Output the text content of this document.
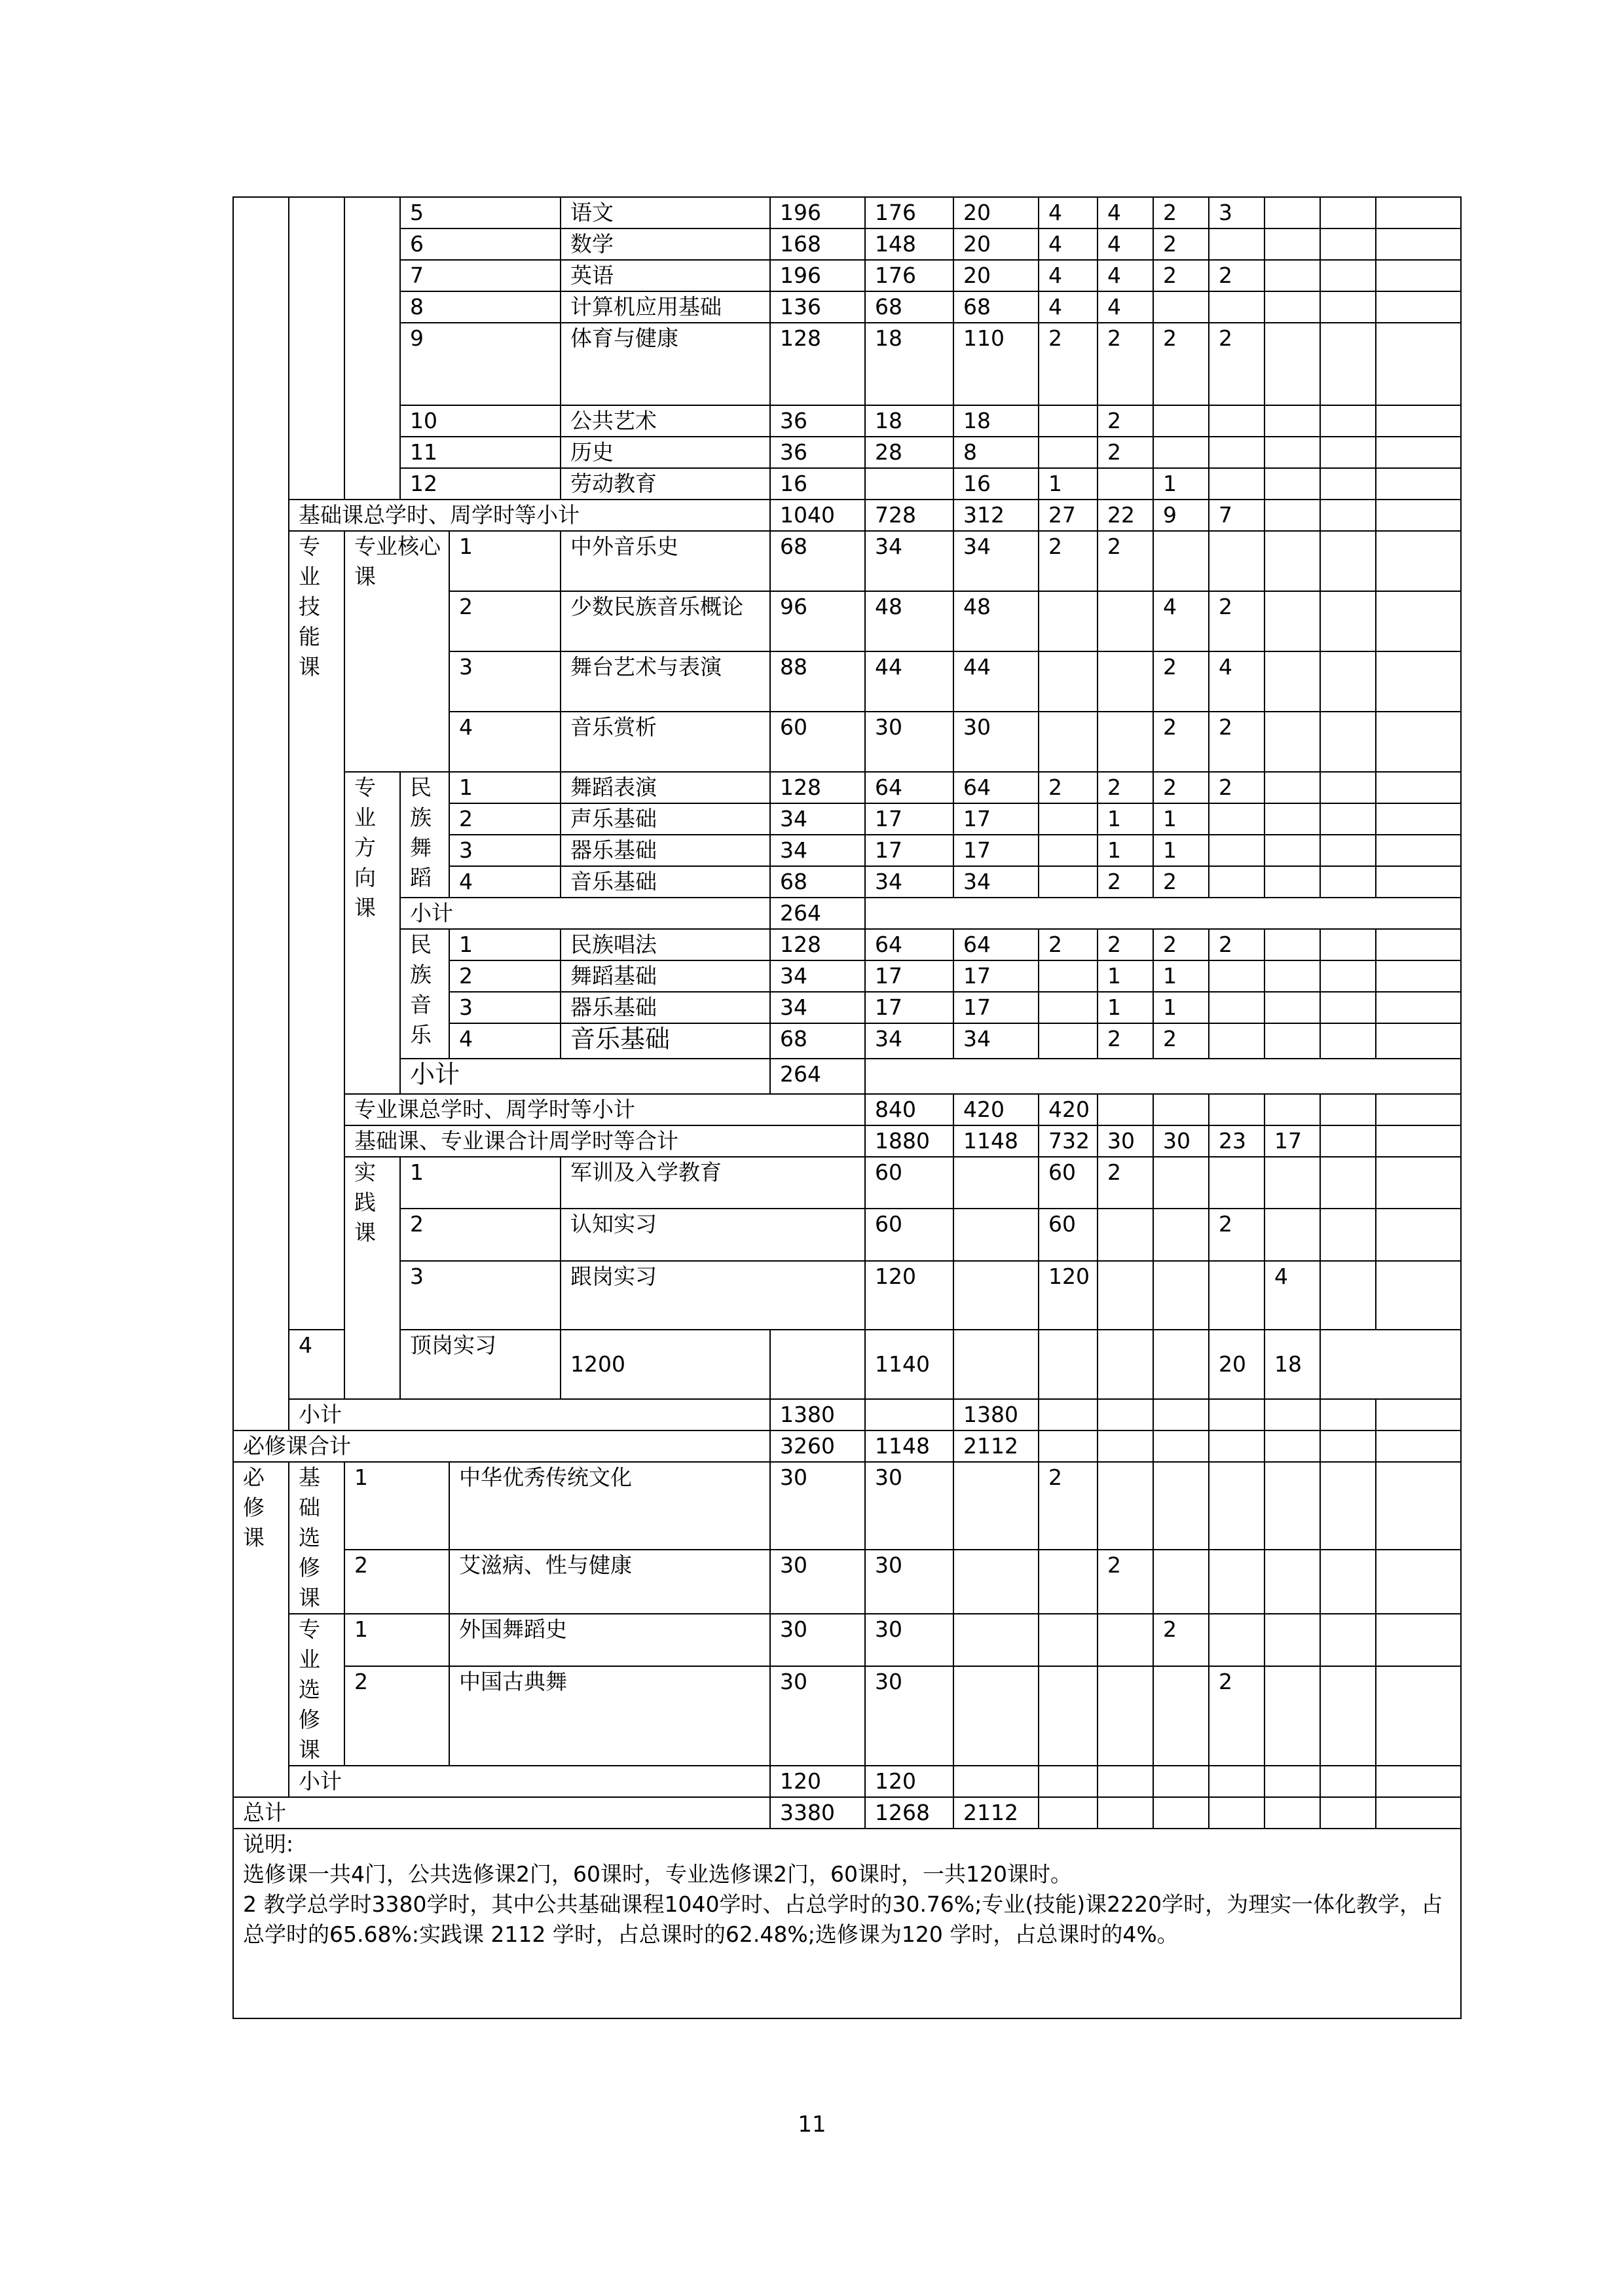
			5		语文	196	176	20	4	4	2	3				
			6		数学	168	148	20	4	4	2					
			7		英语	196	176	20	4	4	2	2				
			8		计算机应用基础	136	68	68	4	4						
			9		体育与健康	128	18	110	2	2	2	2				
			10		公共艺术	36	18	18		2						
			11		历史	36	28	8		2						
			12		劳动教育	16		16	1		1					
	基础课总学时、周学时等小计					1040	728	312	27	22	9	7				
	专业技能课	专业核心课		1	中外音乐史	68	34	34	2	2						
				2	少数民族音乐概论	96	48	48			4	2				
				3	舞台艺术与表演	88	44	44			2	4				
				4	音乐赏析	60	30	30			2	2				
		专业方向课	民族舞蹈	1	舞蹈表演	128	64	64	2	2	2	2				
				2	声乐基础	34	17	17		1	1					
				3	器乐基础	34	17	17		1	1					
				4	音乐基础	68	34	34		2	2					
			小计			264										
			民族音乐	1	民族唱法	128	64	64	2	2	2	2				
				2	舞蹈基础	34	17	17		1	1					
				3	器乐基础	34	17	17		1	1					
				4	音乐基础	68	34	34		2	2					
			小计			264										
		专业课总学时、周学时等小计					840	420	420							
		基础课、专业课合计周学时等合计					1880	1148	732	30	30	23	17			
		实践课	1		军训及入学教育		60		60	2						
			2		认知实习		60		60			2				
			3		跟岗实习		120		120				4			
	4		顶岗实习		1200		1140					20	18			
	小计					1380		1380								
必修课合计						3260	1148	2112								
必修课	基础选修课	1		中华优秀传统文化		30	30		2							
		2		艾滋病、性与健康		30	30			2						
	专业选修课	1		外国舞蹈史		30	30				2					
		2		中国古典舞		30	30					2				
	小计					120	120									
总计						3380	1268	2112								

说明:
选修课一共4门，公共选修课2门，60课时，专业选修课2门，60课时，一共120课时。
2 教学总学时3380学时，其中公共基础课程1040学时、占总学时的30.76%;专业(技能)课2220学时，为理实一体化教学，占总学时的65.68%:实践课 2112 学时，占总课时的62.48%;选修课为120 学时，占总课时的4%。																
11
